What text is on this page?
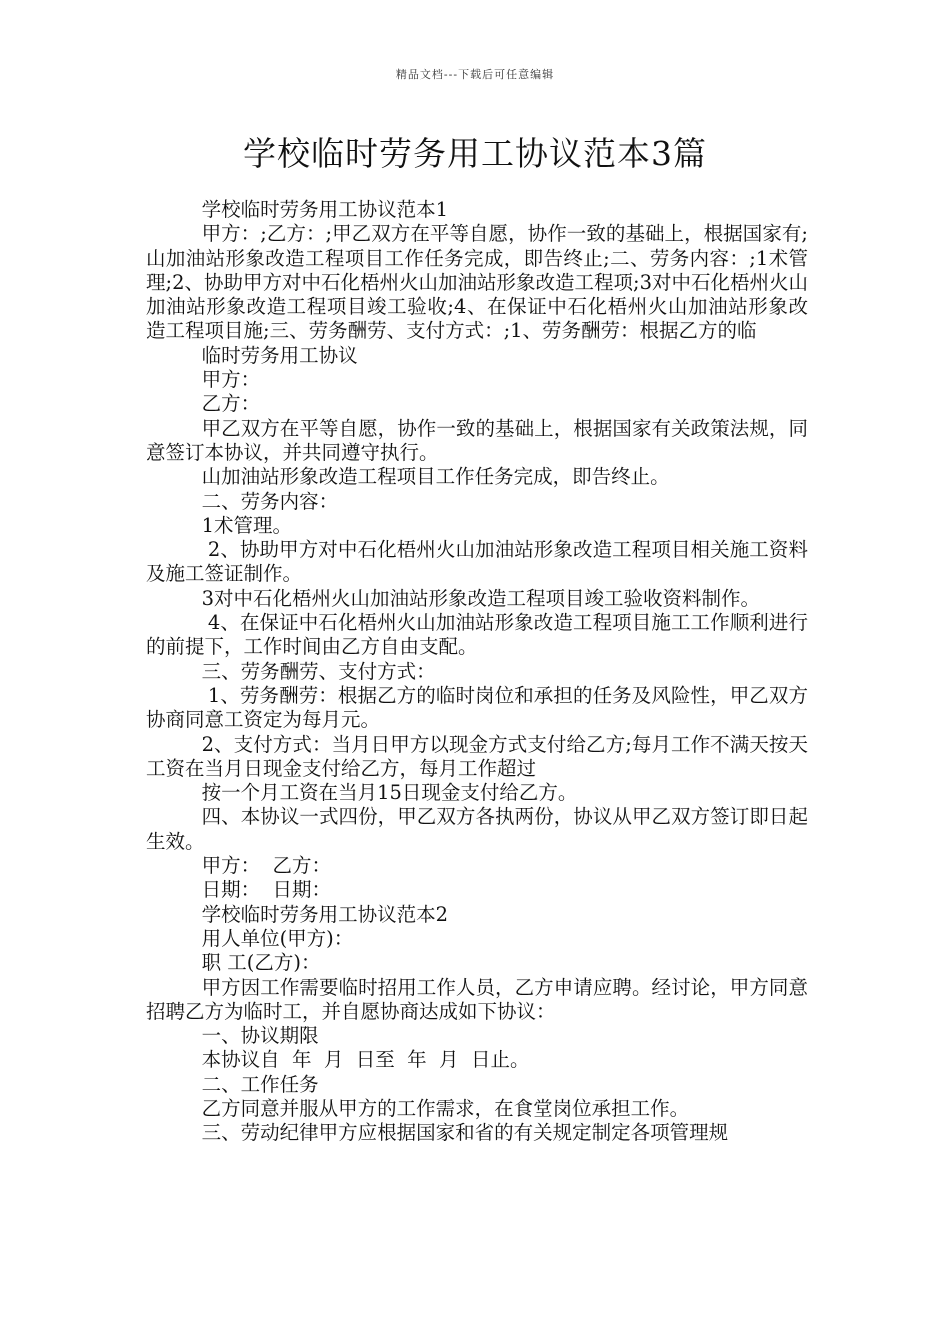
精品文档---下载后可任意编辑
学校临时劳务用工协议范本3篇

学校临时劳务用工协议范本1

甲方：;乙方：;甲乙双方在平等自愿，协作一致的基础上，根据国家有;山加油站形象改造工程项目工作任务完成，即告终止;二、劳务内容：;1术管理;2、协助甲方对中石化梧州火山加油站形象改造工程项;3对中石化梧州火山加油站形象改造工程项目竣工验收;4、在保证中石化梧州火山加油站形象改造工程项目施;三、劳务酬劳、支付方式：;1、劳务酬劳：根据乙方的临

临时劳务用工协议

甲方：

乙方：

甲乙双方在平等自愿，协作一致的基础上，根据国家有关政策法规，同意签订本协议，并共同遵守执行。

山加油站形象改造工程项目工作任务完成，即告终止。

二、劳务内容：

1术管理。

2、协助甲方对中石化梧州火山加油站形象改造工程项目相关施工资料及施工签证制作。

3对中石化梧州火山加油站形象改造工程项目竣工验收资料制作。

4、在保证中石化梧州火山加油站形象改造工程项目施工工作顺利进行的前提下，工作时间由乙方自由支配。

三、劳务酬劳、支付方式：

1、劳务酬劳：根据乙方的临时岗位和承担的任务及风险性，甲乙双方协商同意工资定为每月元。

2、支付方式：当月日甲方以现金方式支付给乙方;每月工作不满天按天工资在当月日现金支付给乙方，每月工作超过

按一个月工资在当月15日现金支付给乙方。

四、本协议一式四份，甲乙双方各执两份，协议从甲乙双方签订即日起生效。

甲方：  乙方：

日期：  日期：

学校临时劳务用工协议范本2

用人单位(甲方)：

职 工(乙方)：

甲方因工作需要临时招用工作人员，乙方申请应聘。经讨论，甲方同意招聘乙方为临时工，并自愿协商达成如下协议：

一、协议期限

本协议自  年  月  日至  年  月  日止。

二、工作任务

乙方同意并服从甲方的工作需求，在食堂岗位承担工作。

三、劳动纪律甲方应根据国家和省的有关规定制定各项管理规
